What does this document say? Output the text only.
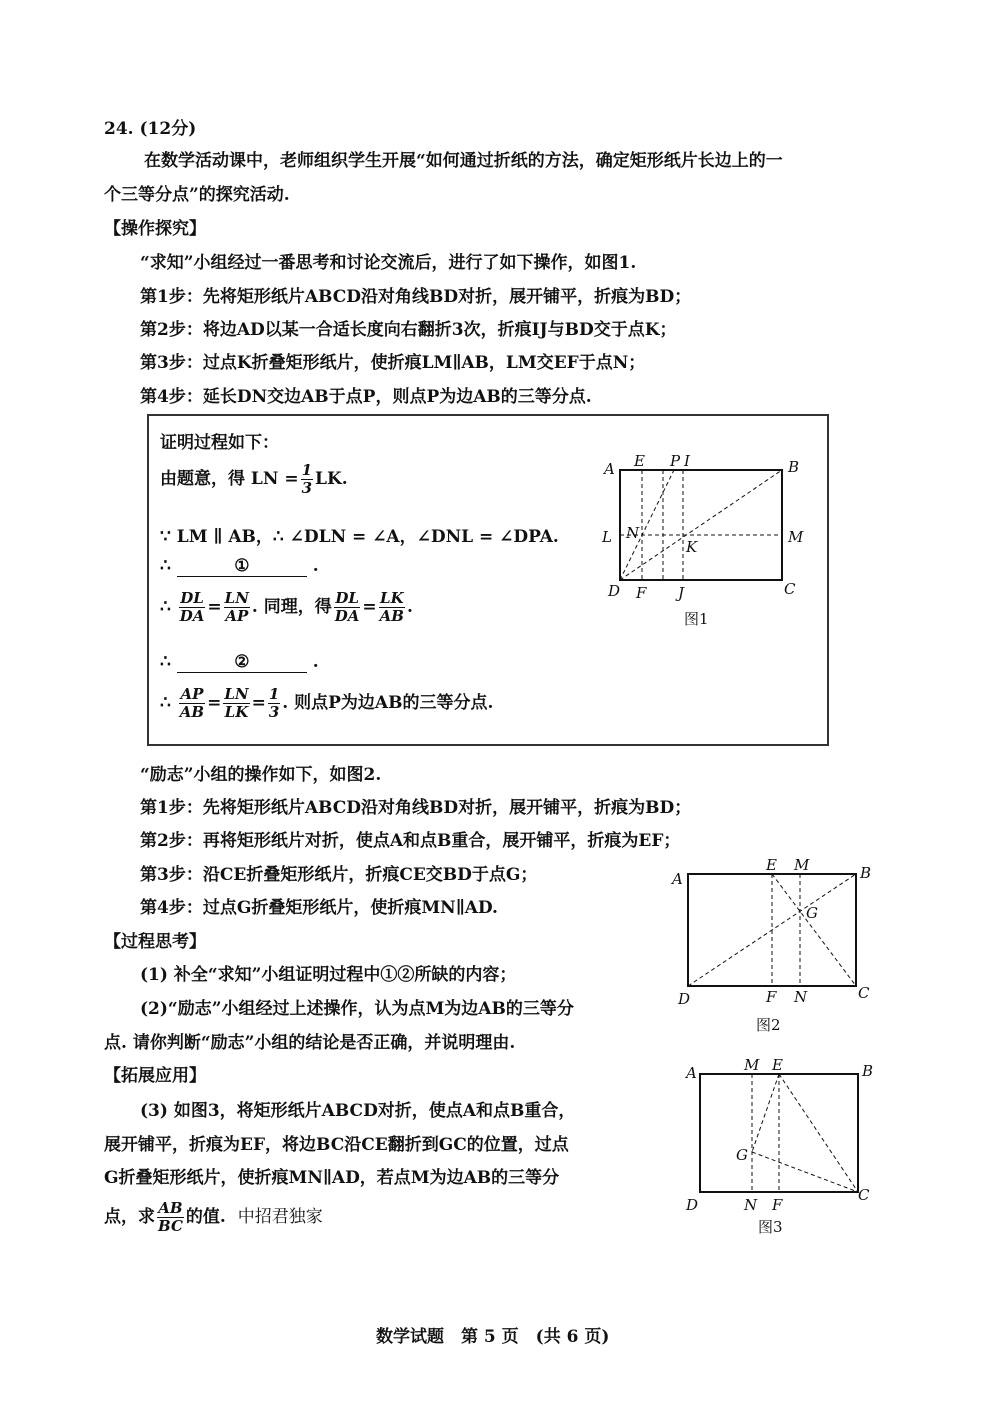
24. (12分)
在数学活动课中，老师组织学生开展“如何通过折纸的方法，确定矩形纸片长边上的一
个三等分点”的探究活动.
【操作探究】
“求知”小组经过一番思考和讨论交流后，进行了如下操作，如图1.
第1步：先将矩形纸片ABCD沿对角线BD对折，展开铺平，折痕为BD；
第2步：将边AD以某一合适长度向右翻折3次，折痕IJ与BD交于点K；
第3步：过点K折叠矩形纸片，使折痕LM∥AB，LM交EF于点N；
第4步：延长DN交边AB于点P，则点P为边AB的三等分点.
证明过程如下：
由题意，得 LN = $\frac{1}{3}$ LK.
∵ LM ∥ AB，∴ ∠DLN = ∠A，∠DNL = ∠DPA.
∴	①	.
∴ $\frac{DL}{DA} = \frac{LN}{AP}$ . 同理，得 $\frac{DL}{DA} = \frac{LK}{AB}$ .
∴	②	.
∴ $\frac{AP}{AB} = \frac{LN}{LK} = \frac{1}{3}$ . 则点P为边AB的三等分点.
A E P I	B
L N
K
M
D F J	C
图1
“励志”小组的操作如下，如图2.
第1步：先将矩形纸片ABCD沿对角线BD对折，展开铺平，折痕为BD；
第2步：再将矩形纸片对折，使点A和点B重合，展开铺平，折痕为EF；
第3步：沿CE折叠矩形纸片，折痕CE交BD于点G；
第4步：过点G折叠矩形纸片，使折痕MN∥AD.
A
E M	B
G
D	F N	C
图2
【过程思考】
(1) 补全“求知”小组证明过程中①②所缺的内容；
(2)“励志”小组经过上述操作，认为点M为边AB的三等分
点. 请你判断“励志”小组的结论是否正确，并说明理由.
【拓展应用】
(3) 如图3，将矩形纸片ABCD对折，使点A和点B重合，
展开铺平，折痕为EF，将边BC沿CE翻折到GC的位置，过点
G折叠矩形纸片，使折痕MN∥AD，若点M为边AB的三等分
点，求 $\frac{AB}{BC}$ 的值. 中招君独家
A	M E	B
G
D	N F
C
图3
数学试题　第 5 页　(共 6 页)
